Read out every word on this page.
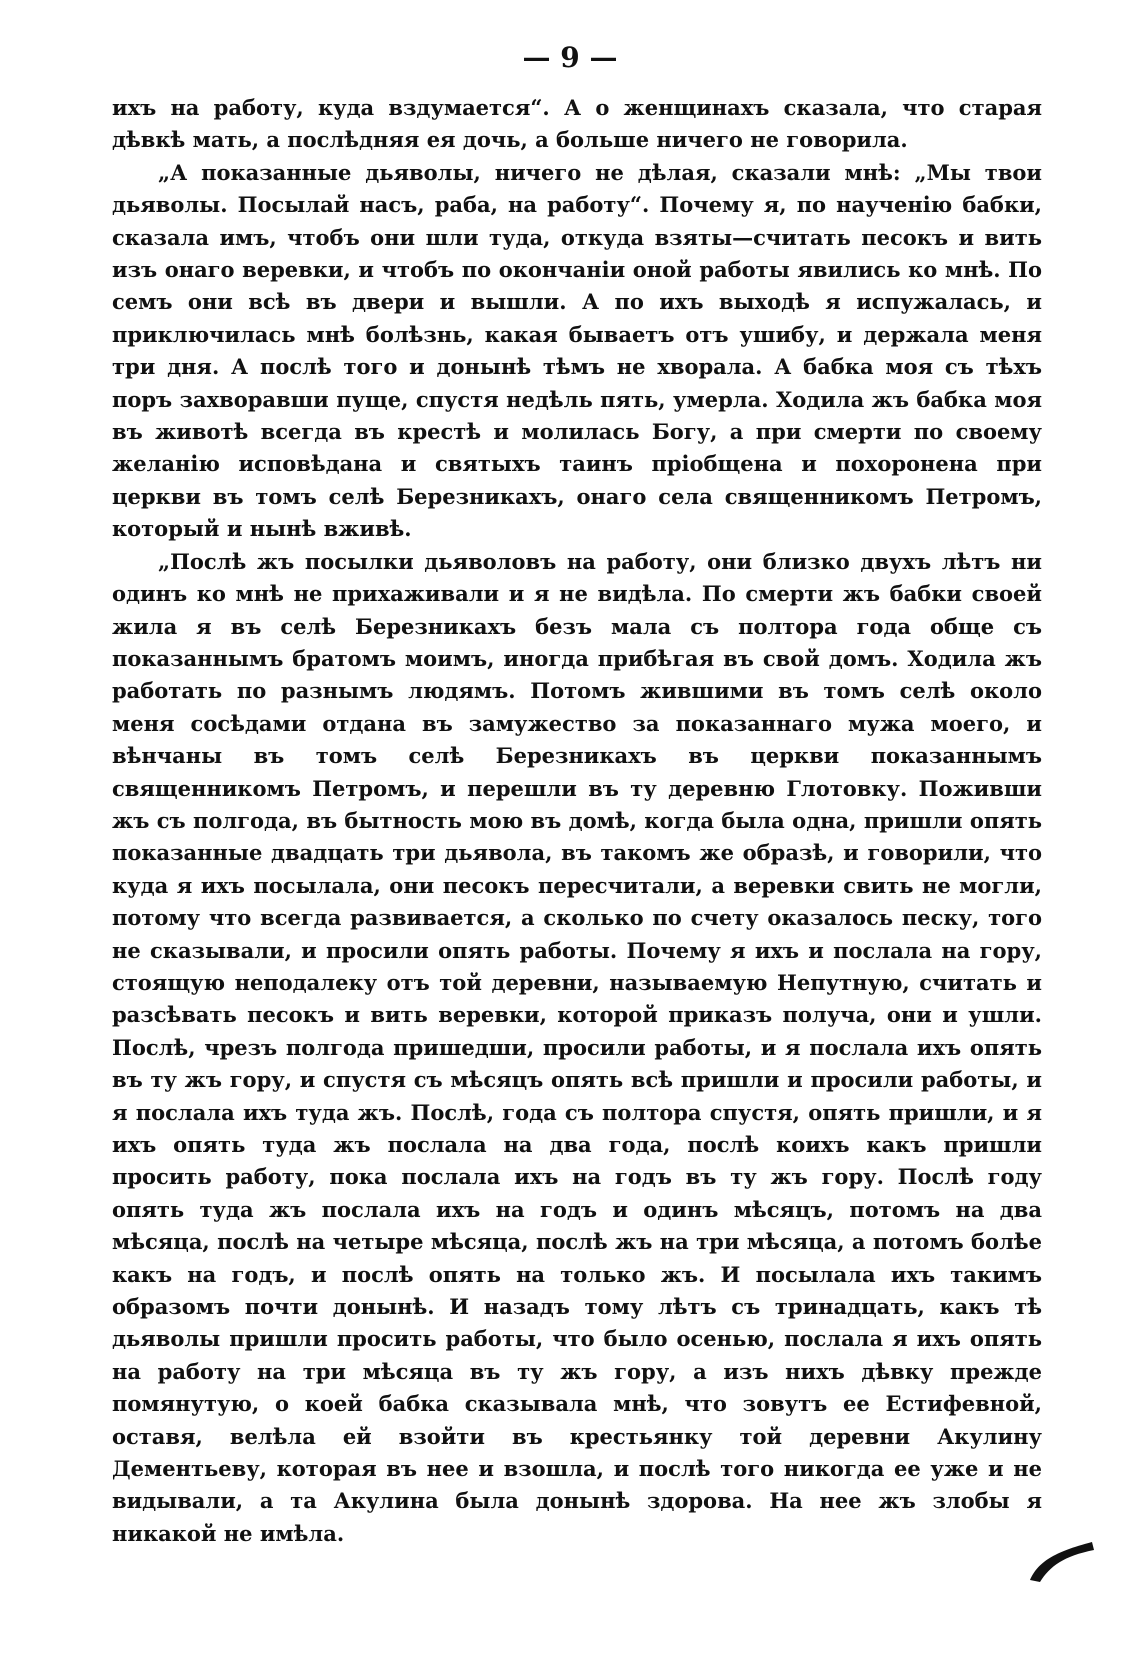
— 9 —

ихъ на работу, куда вздумается“. А о женщинахъ сказала, что старая дѣвкѣ мать, а послѣдняя ея дочь, а больше ничего не говорила.

„А показанные дьяволы, ничего не дѣлая, сказали мнѣ: „Мы твои дьяволы. Посылай насъ, раба, на работу“. Почему я, по наученію бабки, сказала имъ, чтобъ они шли туда, откуда взяты—считать песокъ и вить изъ онаго веревки, и чтобъ по окончаніи оной работы явились ко мнѣ. По семъ они всѣ въ двери и вышли. А по ихъ выходѣ я испужалась, и приключилась мнѣ болѣзнь, какая бываетъ отъ ушибу, и держала меня три дня. А послѣ того и донынѣ тѣмъ не хворала. А бабка моя съ тѣхъ поръ захворавши пуще, спустя недѣль пять, умерла. Ходила жъ бабка моя въ животѣ всегда въ крестѣ и молилась Богу, а при смерти по своему желанію исповѣдана и святыхъ таинъ пріобщена и похоронена при церкви въ томъ селѣ Березникахъ, онаго села священникомъ Петромъ, который и нынѣ вживѣ.

„Послѣ жъ посылки дьяволовъ на работу, они близко двухъ лѣтъ ни одинъ ко мнѣ не прихаживали и я не видѣла. По смерти жъ бабки своей жила я въ селѣ Березникахъ безъ мала съ полтора года обще съ показаннымъ братомъ моимъ, иногда прибѣгая въ свой домъ. Ходила жъ работать по разнымъ людямъ. Потомъ жившими въ томъ селѣ около меня сосѣдами отдана въ замужество за показаннаго мужа моего, и вѣнчаны въ томъ селѣ Березникахъ въ церкви показаннымъ священникомъ Петромъ, и перешли въ ту деревню Глотовку. Поживши жъ съ полгода, въ бытность мою въ домѣ, когда была одна, пришли опять показанные двадцать три дьявола, въ такомъ же образѣ, и говорили, что куда я ихъ посылала, они песокъ пересчитали, а веревки свить не могли, потому что всегда развивается, а сколько по счету оказалось песку, того не сказывали, и просили опять работы. Почему я ихъ и послала на гору, стоящую неподалеку отъ той деревни, называемую Непутную, считать и разсѣвать песокъ и вить веревки, которой приказъ получа, они и ушли. Послѣ, чрезъ полгода пришедши, просили работы, и я послала ихъ опять въ ту жъ гору, и спустя съ мѣсяцъ опять всѣ пришли и просили работы, и я послала ихъ туда жъ. Послѣ, года съ полтора спустя, опять пришли, и я ихъ опять туда жъ послала на два года, послѣ коихъ какъ пришли просить работу, пока послала ихъ на годъ въ ту жъ гору. Послѣ году опять туда жъ послала ихъ на годъ и одинъ мѣсяцъ, потомъ на два мѣсяца, послѣ на четыре мѣсяца, послѣ жъ на три мѣсяца, а потомъ болѣе какъ на годъ, и послѣ опять на только жъ. И посылала ихъ такимъ образомъ почти донынѣ. И назадъ тому лѣтъ съ тринадцать, какъ тѣ дьяволы пришли просить работы, что было осенью, послала я ихъ опять на работу на три мѣсяца въ ту жъ гору, а изъ нихъ дѣвку прежде помянутую, о коей бабка сказывала мнѣ, что зовутъ ее Естифевной, оставя, велѣла ей взойти въ крестьянку той деревни Акулину Дементьеву, которая въ нее и взошла, и послѣ того никогда ее уже и не видывали, а та Акулина была донынѣ здорова. На нее жъ злобы я никакой не имѣла.
